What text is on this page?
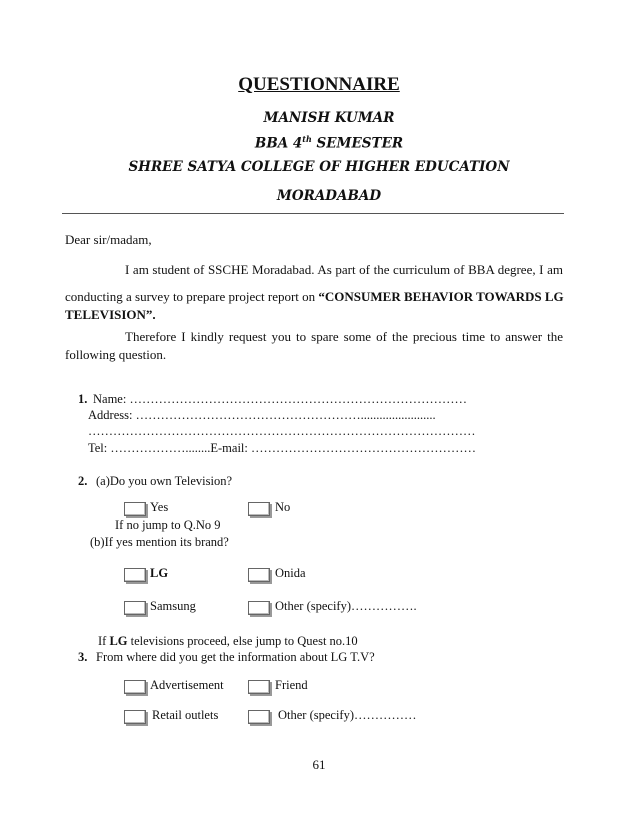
QUESTIONNAIRE
MANISH KUMAR
BBA 4th SEMESTER
SHREE SATYA COLLEGE OF HIGHER EDUCATION
MORADABAD
Dear sir/madam,
I am student of SSCHE Moradabad. As part of the curriculum of BBA degree, I am
conducting a survey to prepare project report on “CONSUMER BEHAVIOR TOWARDS LG
TELEVISION”.
Therefore I kindly request you to spare some of the precious time to answer the
following question.
1. Name: ………………………………………………………………………
Address: ………………………………………………........................
…………………………………………………………………………………
Tel: ………………........E-mail: ………………………………………………
2. (a)Do you own Television?
Yes	No
If no jump to Q.No 9
(b)If yes mention its brand?
LG	Onida
Samsung	Other (specify)…………….
If LG televisions proceed, else jump to Quest no.10
3. From where did you get the information about LG T.V?
Advertisement	Friend
Retail outlets	Other (specify)……………
61
